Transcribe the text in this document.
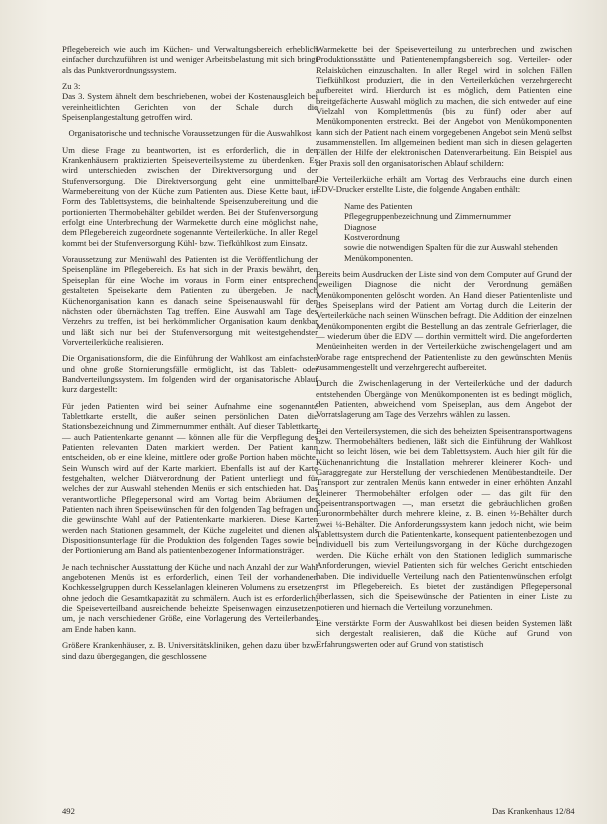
Pflegebereich wie auch im Küchen- und Verwaltungsbereich erheblich einfacher durchzuführen ist und weniger Arbeitsbelastung mit sich bringt als das Punktverordnungssystem.

Zu 3:

Das 3. System ähnelt dem beschriebenen, wobei der Kostenausgleich bei vereinheitlichten Gerichten von der Schale durch die Speisenplangestaltung getroffen wird.

Organisatorische und technische Voraussetzungen für die Auswahlkost

Um diese Frage zu beantworten, ist es erforderlich, die in den Krankenhäusern praktizierten Speiseverteilsysteme zu überdenken. Es wird unterschieden zwischen der Direktversorgung und der Stufenversorgung. Die Direktversorgung geht eine unmittelbare Warmebereitung von der Küche zum Patienten aus. Diese Kette baut, in Form des Tablettsystems, die beinhaltende Speisenzubereitung und die portionierten Thermobehälter gebildet werden. Bei der Stufenversorgung erfolgt eine Unterbrechung der Warmekette durch eine möglichst nahe, dem Pflegebereich zugeordnete sogenannte Verteilerküche. In aller Regel kommt bei der Stufenversorgung Kühl- bzw. Tiefkühlkost zum Einsatz.

Voraussetzung zur Menüwahl des Patienten ist die Veröffentlichung der Speisenpläne im Pflegebereich. Es hat sich in der Praxis bewährt, den Speiseplan für eine Woche im voraus in Form einer entsprechend gestalteten Speisekarte dem Patienten zu übergeben. Je nach Küchenorganisation kann es danach seine Speisenauswahl für den nächsten oder übernächsten Tag treffen. Eine Auswahl am Tage des Verzehrs zu treffen, ist bei herkömmlicher Organisation kaum denkbar und läßt sich nur bei der Stufenversorgung mit weitestgehendster Vorverteilerküche realisieren.

Die Organisationsform, die die Einführung der Wahlkost am einfachsten und ohne große Stornierungsfälle ermöglicht, ist das Tablett- oder Bandverteilungssystem. Im folgenden wird der organisatorische Ablauf kurz dargestellt:

Für jeden Patienten wird bei seiner Aufnahme eine sogenannte Tablettkarte erstellt, die außer seinen persönlichen Daten die Stationsbezeichnung und Zimmernummer enthält. Auf dieser Tablettkarte — auch Patientenkarte genannt — können alle für die Verpflegung des Patienten relevanten Daten markiert werden. Der Patient kann entscheiden, ob er eine kleine, mittlere oder große Portion haben möchte. Sein Wunsch wird auf der Karte markiert. Ebenfalls ist auf der Karte festgehalten, welcher Diätverordnung der Patient unterliegt und für welches der zur Auswahl stehenden Menüs er sich entschieden hat. Das verantwortliche Pflegepersonal wird am Vortag beim Abräumen der Patienten nach ihren Speisewünschen für den folgenden Tag befragen und die gewünschte Wahl auf der Patientenkarte markieren. Diese Karten werden nach Stationen gesammelt, der Küche zugeleitet und dienen als Dispositionsunterlage für die Produktion des folgenden Tages sowie bei der Portionierung am Band als patientenbezogener Informationsträger.

Je nach technischer Ausstattung der Küche und nach Anzahl der zur Wahl angebotenen Menüs ist es erforderlich, einen Teil der vorhandenen Kochkesselgruppen durch Kesselanlagen kleineren Volumens zu ersetzen, ohne jedoch die Gesamtkapazität zu schmälern. Auch ist es erforderlich, die Speiseverteilband ausreichende beheizte Speisenwagen einzusetzen, um, je nach verschiedener Größe, eine Vorlagerung des Verteilerbandes am Ende haben kann.

Größere Krankenhäuser, z. B. Universitätskliniken, gehen dazu über bzw. sind dazu übergegangen, die geschlossene

Warmekette bei der Speiseverteilung zu unterbrechen und zwischen Produktionsstätte und Patientenempfangsbereich sog. Verteiler- oder Relaisküchen einzuschalten. In aller Regel wird in solchen Fällen Tiefkühlkost produziert, die in den Verteilerküchen verzehrgerecht aufbereitet wird. Hierdurch ist es möglich, dem Patienten eine breitgefächerte Auswahl möglich zu machen, die sich entweder auf eine Vielzahl von Komplettmenüs (bis zu fünf) oder aber auf Menükomponenten erstreckt. Bei der Angebot von Menükomponenten kann sich der Patient nach einem vorgegebenen Angebot sein Menü selbst zusammenstellen. Im allgemeinen bedient man sich in diesen gelagerten Fällen der Hilfe der elektronischen Datenverarbeitung. Ein Beispiel aus der Praxis soll den organisatorischen Ablauf schildern:

Die Verteilerküche erhält am Vortag des Verbrauchs eine durch einen EDV-Drucker erstellte Liste, die folgende Angaben enthält:

Name des Patienten
Pflegegruppenbezeichnung und Zimmernummer
Diagnose
Kostverordnung
sowie die notwendigen Spalten für die zur Auswahl stehenden Menükomponenten.

Bereits beim Ausdrucken der Liste sind von dem Computer auf Grund der jeweiligen Diagnose die nicht der Verordnung gemäßen Menükomponenten gelöscht worden. An Hand dieser Patientenliste und des Speiseplans wird der Patient am Vortag durch die Leiterin der Verteilerküche nach seinen Wünschen befragt. Die Addition der einzelnen Menükomponenten ergibt die Bestellung an das zentrale Gefrierlager, die — wiederum über die EDV — dorthin vermittelt wird. Die angeforderten Menüeinheiten werden in der Verteilerküche zwischengelagert und am Vorabe rage entsprechend der Patientenliste zu den gewünschten Menüs zusammengestellt und verzehrgerecht aufbereitet.

Durch die Zwischenlagerung in der Verteilerküche und der dadurch entstehenden Übergänge von Menükomponenten ist es bedingt möglich, den Patienten, abweichend vom Speiseplan, aus dem Angebot der Vorratslagerung am Tage des Verzehrs wählen zu lassen.

Bei den Verteilersystemen, die sich des beheizten Speisentransportwagens bzw. Thermobehälters bedienen, läßt sich die Einführung der Wahlkost nicht so leicht lösen, wie bei dem Tablettsystem. Auch hier gilt für die Küchenanrichtung die Installation mehrerer kleinerer Koch- und Garaggregate zur Herstellung der verschiedenen Menübestandteile. Der Transport zur zentralen Menüs kann entweder in einer erhöhten Anzahl kleinerer Thermobehälter erfolgen oder — das gilt für den Speisentransportwagen —, man ersetzt die gebräuchlichen großen Euronormbehälter durch mehrere kleine, z. B. einen ½-Behälter durch zwei ¼-Behälter. Die Anforderungssystem kann jedoch nicht, wie beim Tablettsystem durch die Patientenkarte, konsequent patientenbezogen und individuell bis zum Verteilungsvorgang in der Küche durchgezogen werden. Die Küche erhält von den Stationen lediglich summarische Anforderungen, wieviel Patienten sich für welches Gericht entschieden haben. Die individuelle Verteilung nach den Patientenwünschen erfolgt erst im Pflegebereich. Es bietet der zuständigen Pflegepersonal überlassen, sich die Speisewünsche der Patienten in einer Liste zu notieren und hiernach die Verteilung vorzunehmen.

Eine verstärkte Form der Auswahlkost bei diesen beiden Systemen läßt sich dergestalt realisieren, daß die Küche auf Grund von Erfahrungswerten oder auf Grund von statistisch

492	Das Krankenhaus 12/84
